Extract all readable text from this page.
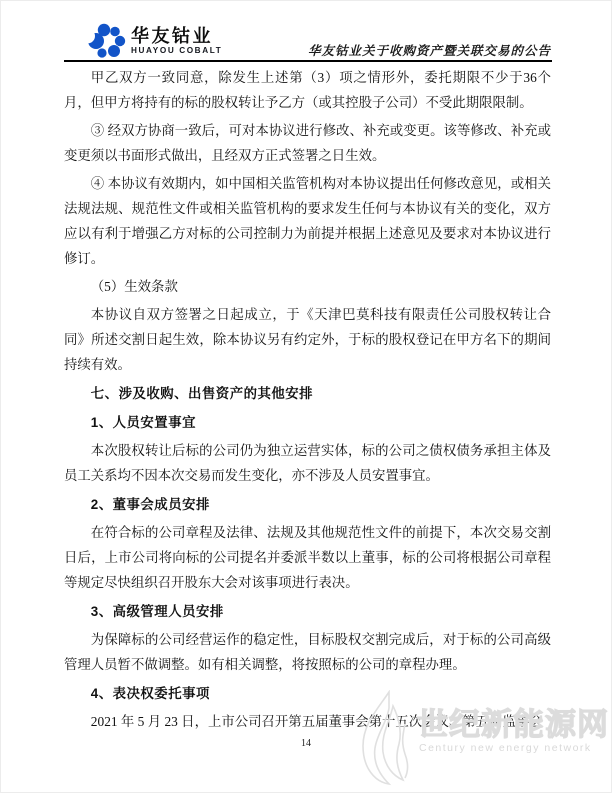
华友钴业
HUAYOU COBALT	华友钴业关于收购资产暨关联交易的公告

甲乙双方一致同意，除发生上述第（3）项之情形外，委托期限不少于36个月，但甲方将持有的标的股权转让予乙方（或其控股子公司）不受此期限限制。

③ 经双方协商一致后，可对本协议进行修改、补充或变更。该等修改、补充或变更须以书面形式做出，且经双方正式签署之日生效。

④ 本协议有效期内，如中国相关监管机构对本协议提出任何修改意见，或相关法规法规、规范性文件或相关监管机构的要求发生任何与本协议有关的变化，双方应以有利于增强乙方对标的公司控制力为前提并根据上述意见及要求对本协议进行修订。

（5）生效条款

本协议自双方签署之日起成立，于《天津巴莫科技有限责任公司股权转让合同》所述交割日起生效，除本协议另有约定外，于标的股权登记在甲方名下的期间持续有效。

七、涉及收购、出售资产的其他安排

1、人员安置事宜

本次股权转让后标的公司仍为独立运营实体，标的公司之债权债务承担主体及员工关系均不因本次交易而发生变化，亦不涉及人员安置事宜。

2、董事会成员安排

在符合标的公司章程及法律、法规及其他规范性文件的前提下，本次交易交割日后，上市公司将向标的公司提名并委派半数以上董事，标的公司将根据公司章程等规定尽快组织召开股东大会对该事项进行表决。

3、高级管理人员安排

为保障标的公司经营运作的稳定性，目标股权交割完成后，对于标的公司高级管理人员暂不做调整。如有相关调整，将按照标的公司的章程办理。

4、表决权委托事项

2021 年 5 月 23 日，上市公司召开第五届董事会第十五次会议、第五届监事会

14
世纪新能源网
Century new energy network
